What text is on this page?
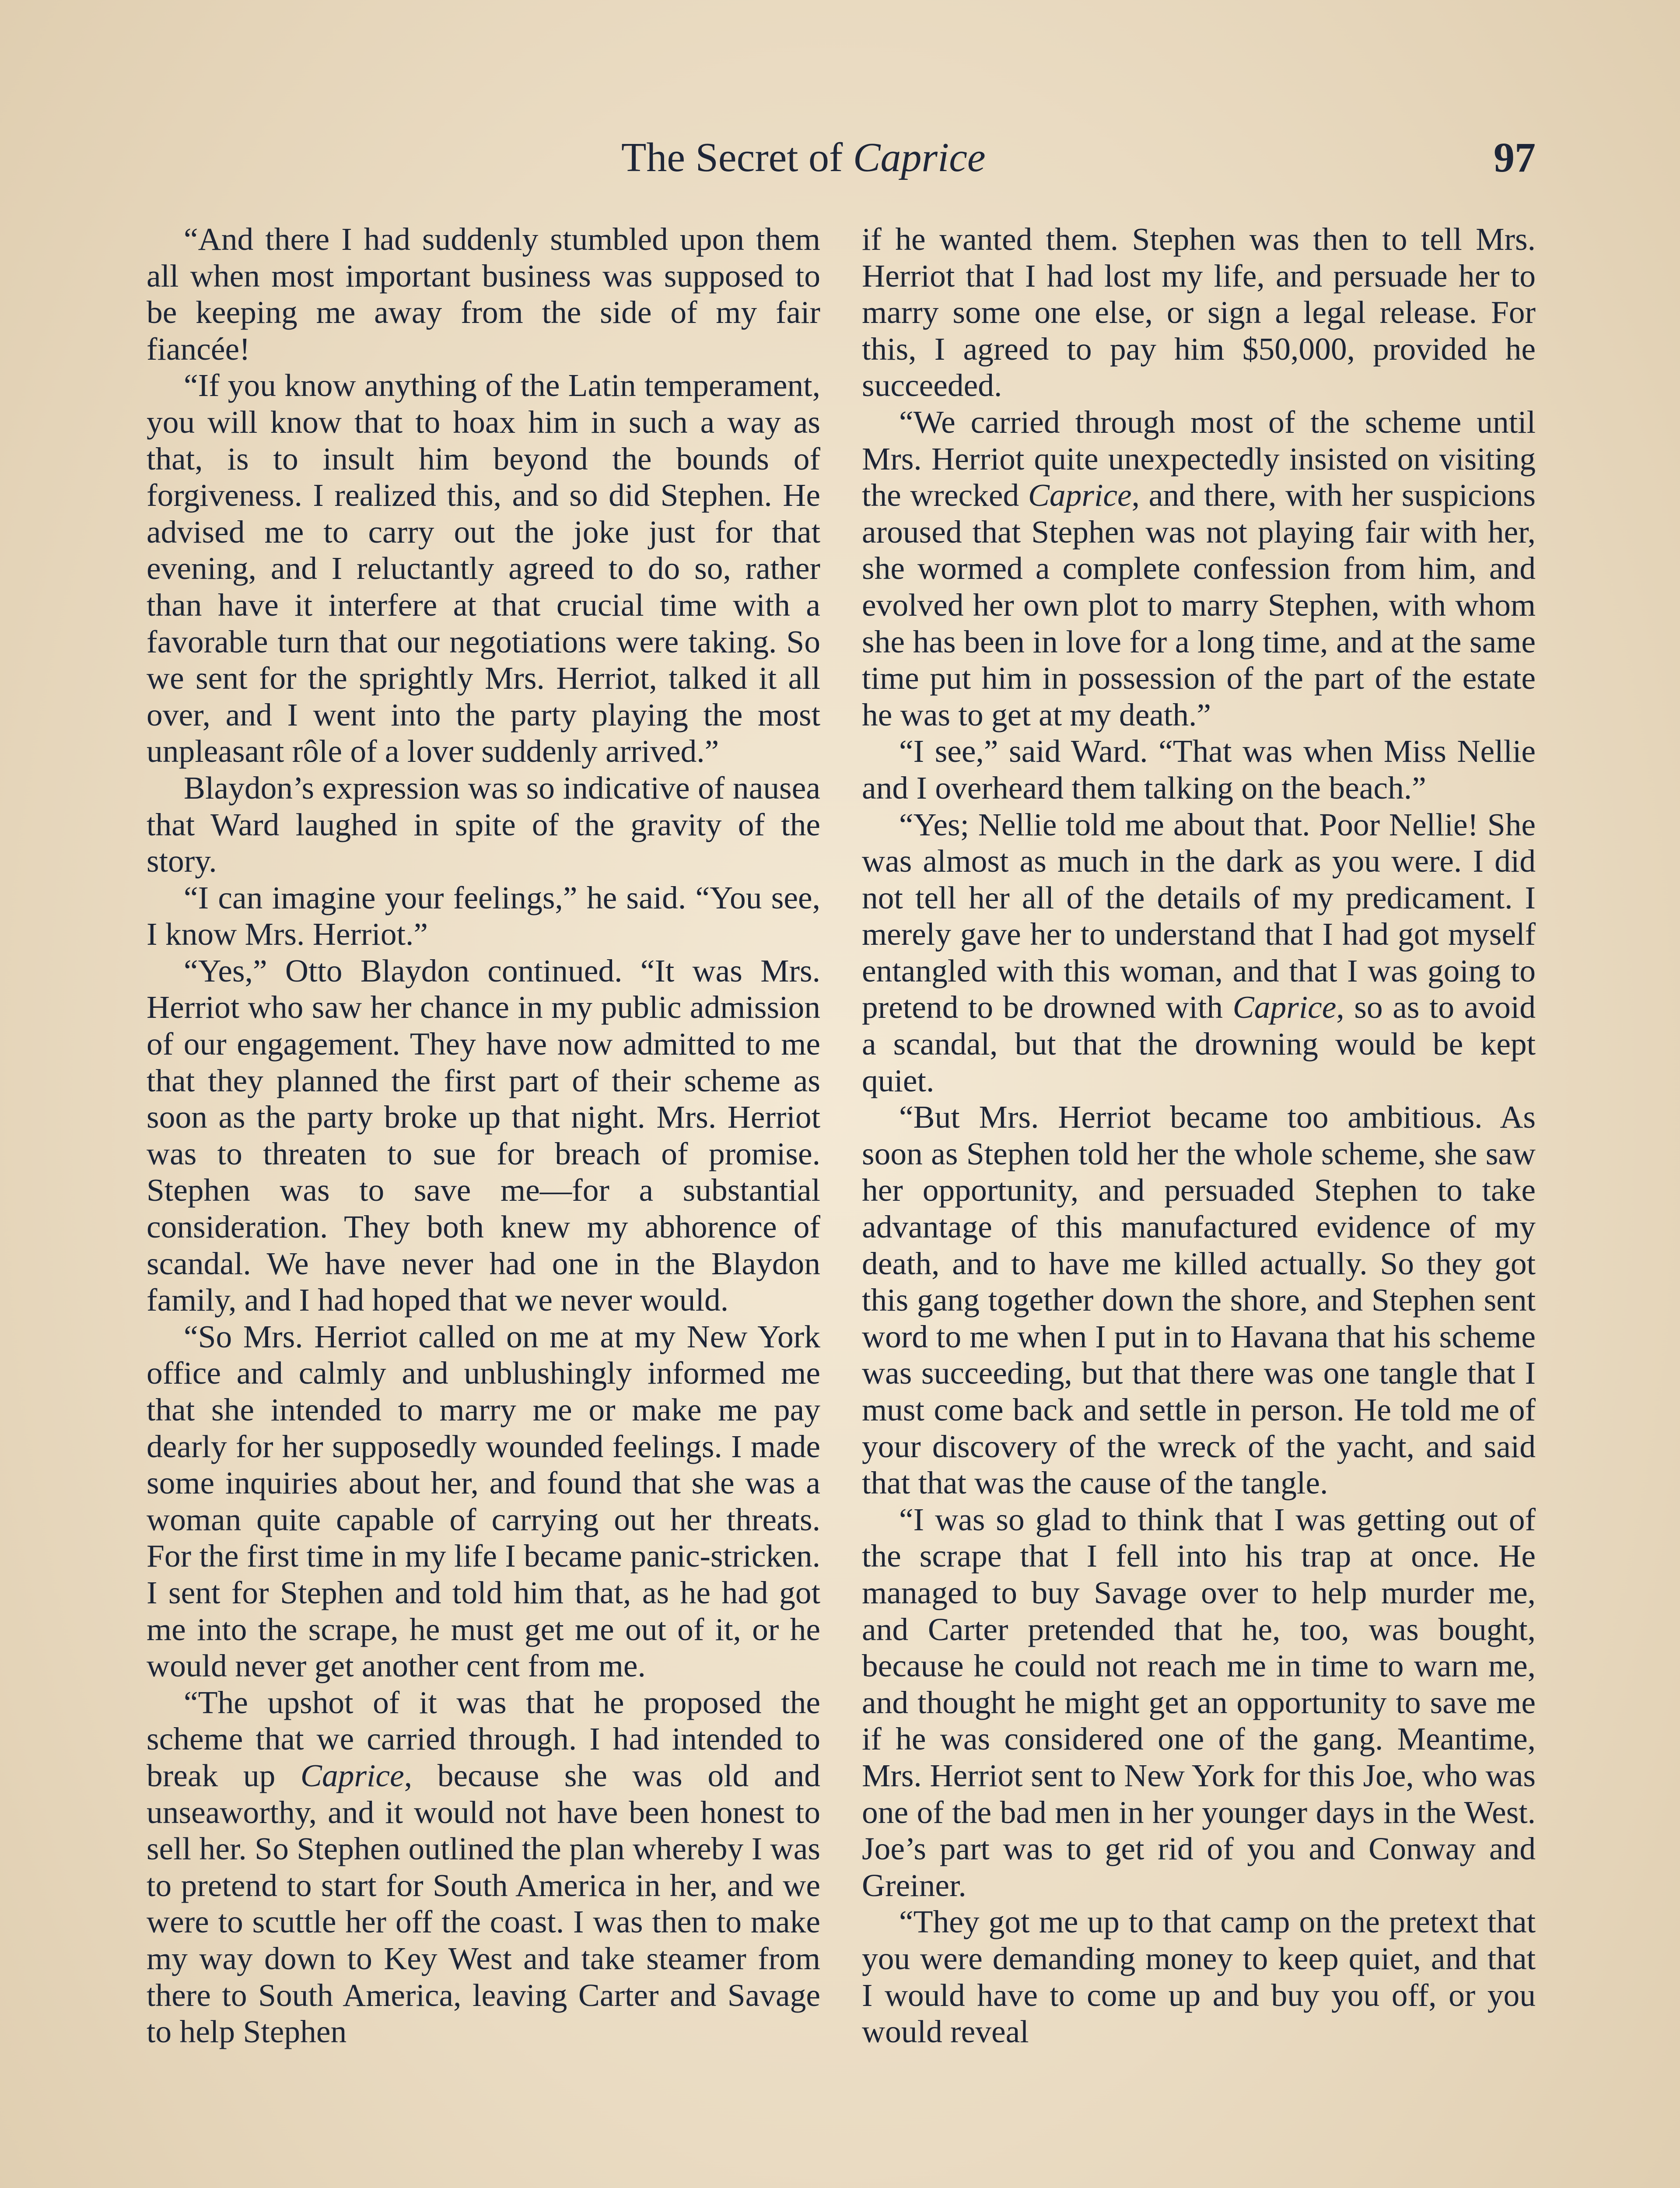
The Secret of Caprice	97

“And there I had suddenly stumbled upon them all when most important business was supposed to be keeping me away from the side of my fair fiancée!

“If you know anything of the Latin temperament, you will know that to hoax him in such a way as that, is to insult him beyond the bounds of forgiveness. I realized this, and so did Stephen. He advised me to carry out the joke just for that evening, and I reluctantly agreed to do so, rather than have it interfere at that crucial time with a favorable turn that our negotiations were taking. So we sent for the sprightly Mrs. Herriot, talked it all over, and I went into the party playing the most unpleasant rôle of a lover suddenly arrived.”

Blaydon’s expression was so indicative of nausea that Ward laughed in spite of the gravity of the story.

“I can imagine your feelings,” he said. “You see, I know Mrs. Herriot.”

“Yes,” Otto Blaydon continued. “It was Mrs. Herriot who saw her chance in my public admission of our engagement. They have now admitted to me that they planned the first part of their scheme as soon as the party broke up that night. Mrs. Herriot was to threaten to sue for breach of promise. Stephen was to save me—for a substantial consideration. They both knew my abhorence of scandal. We have never had one in the Blaydon family, and I had hoped that we never would.

“So Mrs. Herriot called on me at my New York office and calmly and unblushingly informed me that she intended to marry me or make me pay dearly for her supposedly wounded feelings. I made some inquiries about her, and found that she was a woman quite capable of carrying out her threats. For the first time in my life I became panic-stricken. I sent for Stephen and told him that, as he had got me into the scrape, he must get me out of it, or he would never get another cent from me.

“The upshot of it was that he proposed the scheme that we carried through. I had intended to break up Caprice, because she was old and unseaworthy, and it would not have been honest to sell her. So Stephen outlined the plan whereby I was to pretend to start for South America in her, and we were to scuttle her off the coast. I was then to make my way down to Key West and take steamer from there to South America, leaving Carter and Savage to help Stephen

if he wanted them. Stephen was then to tell Mrs. Herriot that I had lost my life, and persuade her to marry some one else, or sign a legal release. For this, I agreed to pay him $50,000, provided he succeeded.

“We carried through most of the scheme until Mrs. Herriot quite unexpectedly insisted on visiting the wrecked Caprice, and there, with her suspicions aroused that Stephen was not playing fair with her, she wormed a complete confession from him, and evolved her own plot to marry Stephen, with whom she has been in love for a long time, and at the same time put him in possession of the part of the estate he was to get at my death.”

“I see,” said Ward. “That was when Miss Nellie and I overheard them talking on the beach.”

“Yes; Nellie told me about that. Poor Nellie! She was almost as much in the dark as you were. I did not tell her all of the details of my predicament. I merely gave her to understand that I had got myself entangled with this woman, and that I was going to pretend to be drowned with Caprice, so as to avoid a scandal, but that the drowning would be kept quiet.

“But Mrs. Herriot became too ambitious. As soon as Stephen told her the whole scheme, she saw her opportunity, and persuaded Stephen to take advantage of this manufactured evidence of my death, and to have me killed actually. So they got this gang together down the shore, and Stephen sent word to me when I put in to Havana that his scheme was succeeding, but that there was one tangle that I must come back and settle in person. He told me of your discovery of the wreck of the yacht, and said that that was the cause of the tangle.

“I was so glad to think that I was getting out of the scrape that I fell into his trap at once. He managed to buy Savage over to help murder me, and Carter pretended that he, too, was bought, because he could not reach me in time to warn me, and thought he might get an opportunity to save me if he was considered one of the gang. Meantime, Mrs. Herriot sent to New York for this Joe, who was one of the bad men in her younger days in the West. Joe’s part was to get rid of you and Conway and Greiner.

“They got me up to that camp on the pretext that you were demanding money to keep quiet, and that I would have to come up and buy you off, or you would reveal
